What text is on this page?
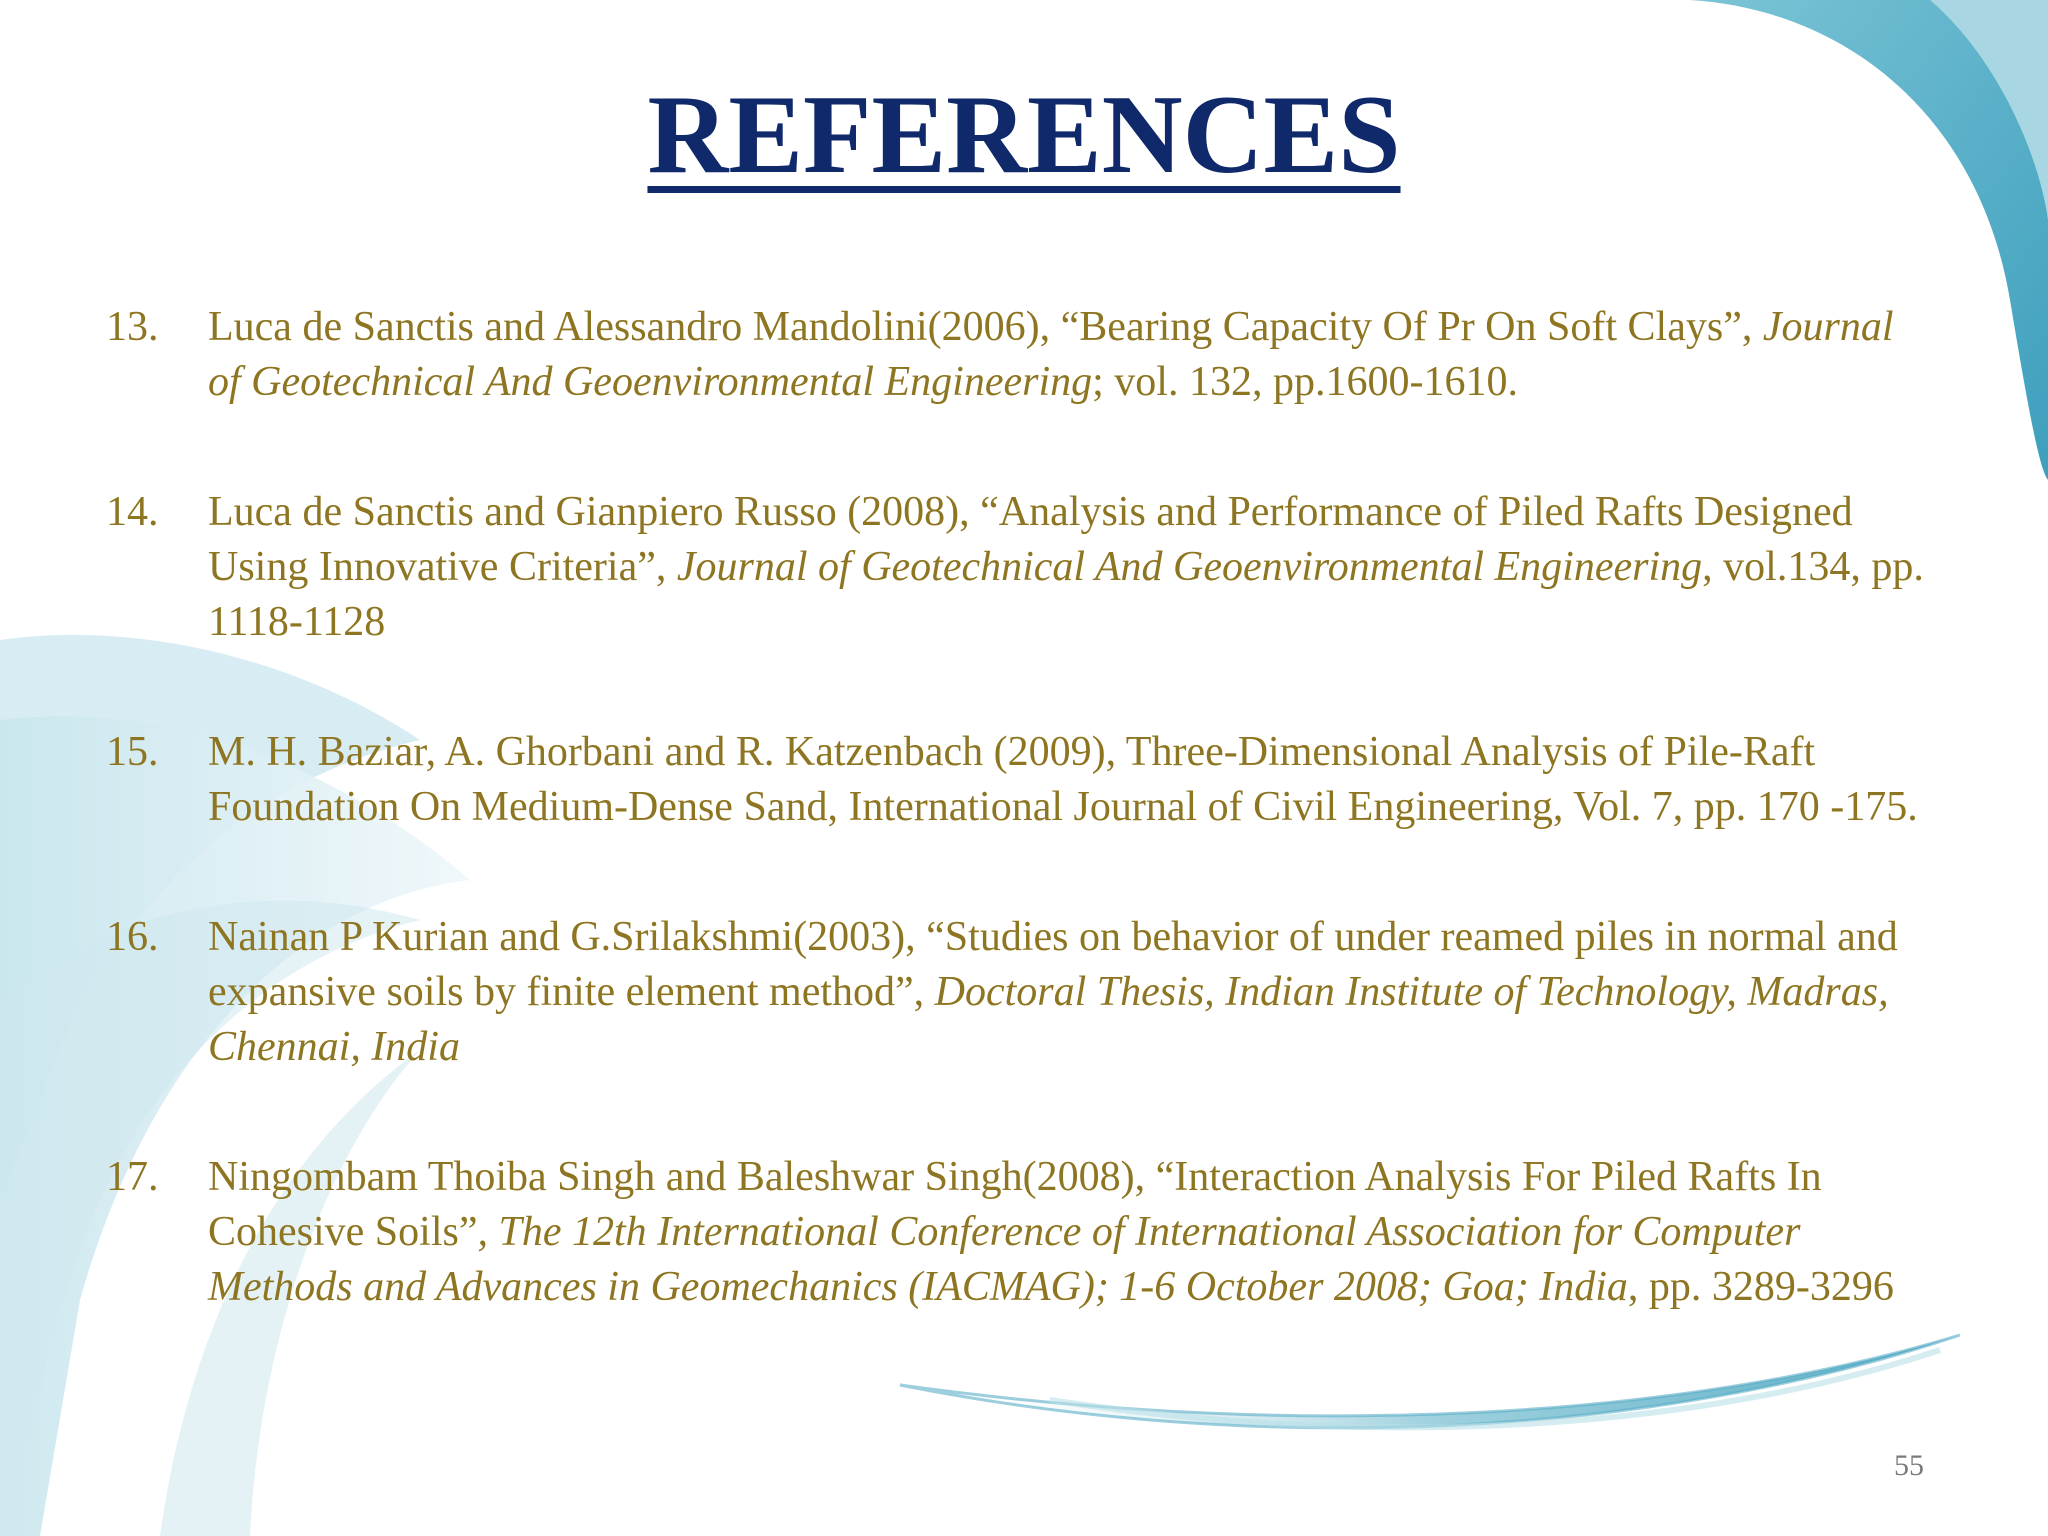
REFERENCES
13. Luca de Sanctis and Alessandro Mandolini(2006), “Bearing Capacity Of Pr On Soft Clays”, Journal of Geotechnical And Geoenvironmental Engineering; vol. 132, pp.1600-1610.
14. Luca de Sanctis and Gianpiero Russo (2008), “Analysis and Performance of Piled Rafts Designed Using Innovative Criteria”, Journal of Geotechnical And Geoenvironmental Engineering, vol.134, pp. 1118-1128
15. M. H. Baziar, A. Ghorbani and R. Katzenbach (2009), Three-Dimensional Analysis of Pile-Raft Foundation On Medium-Dense Sand, International Journal of Civil Engineering, Vol. 7, pp. 170 -175.
16. Nainan P Kurian and G.Srilakshmi(2003), “Studies on behavior of under reamed piles in normal and expansive soils by finite element method”, Doctoral Thesis, Indian Institute of Technology, Madras, Chennai, India
17. Ningombam Thoiba Singh and Baleshwar Singh(2008), “Interaction Analysis For Piled Rafts In Cohesive Soils”, The 12th International Conference of International Association for Computer Methods and Advances in Geomechanics (IACMAG); 1-6 October 2008; Goa; India, pp. 3289-3296
55
